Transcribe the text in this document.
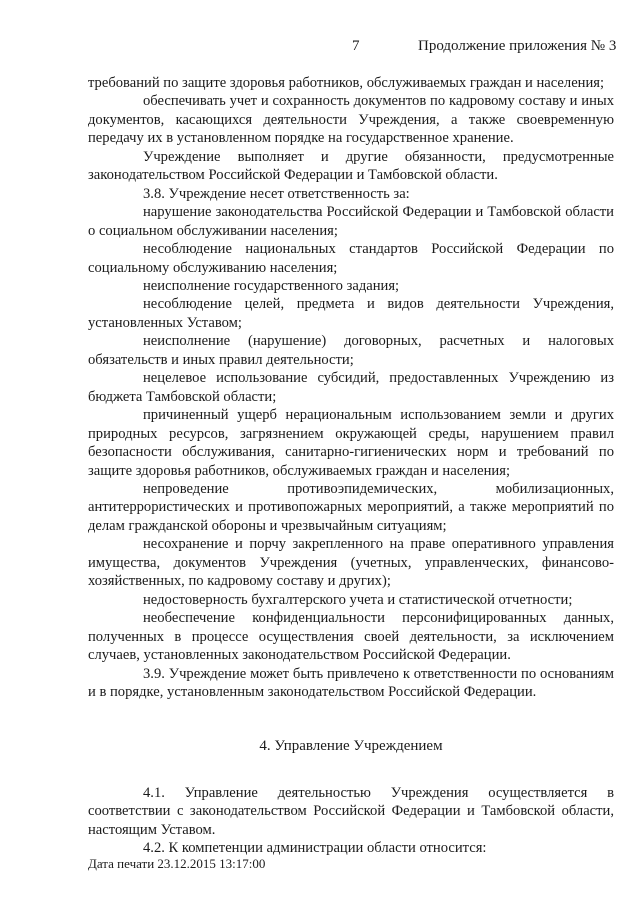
7	Продолжение приложения № 3

требований по защите здоровья работников, обслуживаемых граждан и населения;

обеспечивать учет и сохранность документов по кадровому составу и иных документов, касающихся деятельности Учреждения, а также своевременную передачу их в установленном порядке на государственное хранение.

Учреждение выполняет и другие обязанности, предусмотренные законодательством Российской Федерации и Тамбовской области.

3.8. Учреждение несет ответственность за:

нарушение законодательства Российской Федерации и Тамбовской области о социальном обслуживании населения;

несоблюдение национальных стандартов Российской Федерации по социальному обслуживанию населения;

неисполнение государственного задания;

несоблюдение целей, предмета и видов деятельности Учреждения, установленных Уставом;

неисполнение (нарушение) договорных, расчетных и налоговых обязательств и иных правил деятельности;

нецелевое использование субсидий, предоставленных Учреждению из бюджета Тамбовской области;

причиненный ущерб нерациональным использованием земли и других природных ресурсов, загрязнением окружающей среды, нарушением правил безопасности обслуживания, санитарно-гигиенических норм и требований по защите здоровья работников, обслуживаемых граждан и населения;

непроведение противоэпидемических, мобилизационных, антитеррористических и противопожарных мероприятий, а также мероприятий по делам гражданской обороны и чрезвычайным ситуациям;

несохранение и порчу закрепленного на праве оперативного управления имущества, документов Учреждения (учетных, управленческих, финансово-хозяйственных, по кадровому составу и других);

недостоверность бухгалтерского учета и статистической отчетности;

необеспечение конфиденциальности персонифицированных данных, полученных в процессе осуществления своей деятельности, за исключением случаев, установленных законодательством Российской Федерации.

3.9. Учреждение может быть привлечено к ответственности по основаниям и в порядке, установленным законодательством Российской Федерации.

4. Управление Учреждением

4.1. Управление деятельностью Учреждения осуществляется в соответствии с законодательством Российской Федерации и Тамбовской области, настоящим Уставом.

4.2. К компетенции администрации области относится:

Дата печати 23.12.2015 13:17:00
